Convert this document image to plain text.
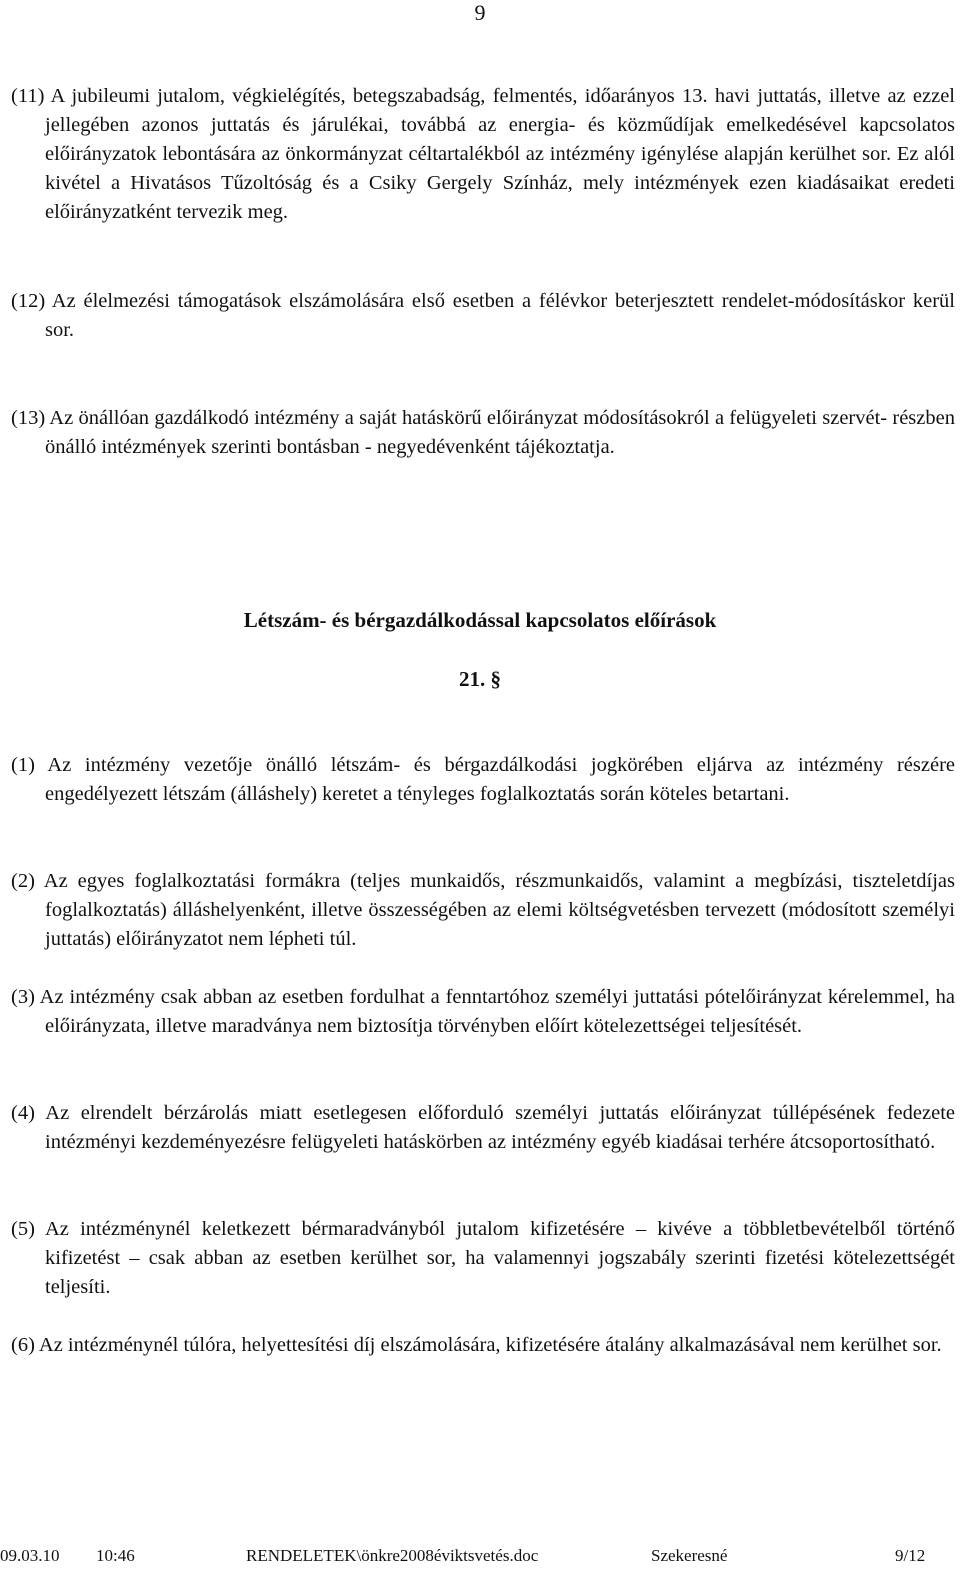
9
(11) A jubileumi jutalom, végkielégítés, betegszabadság, felmentés, időarányos 13. havi juttatás, illetve az ezzel jellegében azonos juttatás és járulékai, továbbá az energia- és közműdíjak emelkedésével kapcsolatos előirányzatok lebontására az önkormányzat céltartalékból az intézmény igénylése alapján kerülhet sor. Ez alól kivétel a Hivatásos Tűzoltóság és a Csiky Gergely Színház, mely intézmények ezen kiadásaikat eredeti előirányzatként tervezik meg.
(12) Az élelmezési támogatások elszámolására első esetben a félévkor beterjesztett rendelet-módosításkor kerül sor.
(13) Az önállóan gazdálkodó intézmény a saját hatáskörű előirányzat módosításokról a felügyeleti szervét- részben önálló intézmények szerinti bontásban - negyedévenként tájékoztatja.
Létszám- és bérgazdálkodással kapcsolatos előírások
21. §
(1) Az intézmény vezetője önálló létszám- és bérgazdálkodási jogkörében eljárva az intézmény részére engedélyezett létszám (álláshely) keretet a tényleges foglalkoztatás során köteles betartani.
(2) Az egyes foglalkoztatási formákra (teljes munkaidős, részmunkaidős, valamint a megbízási, tiszteletdíjas foglalkoztatás) álláshelyenként, illetve összességében az elemi költségvetésben tervezett (módosított személyi juttatás) előirányzatot nem lépheti túl.
(3) Az intézmény csak abban az esetben fordulhat a fenntartóhoz személyi juttatási pótelőirányzat kérelemmel, ha előirányzata, illetve maradványa nem biztosítja törvényben előírt kötelezettségei teljesítését.
(4) Az elrendelt bérzárolás miatt esetlegesen előforduló személyi juttatás előirányzat túllépésének fedezete intézményi kezdeményezésre felügyeleti hatáskörben az intézmény egyéb kiadásai terhére átcsoportosítható.
(5) Az intézménynél keletkezett bérmaradványból jutalom kifizetésére – kivéve a többletbevételből történő kifizetést – csak abban az esetben kerülhet sor, ha valamennyi jogszabály szerinti fizetési kötelezettségét teljesíti.
(6) Az intézménynél túlóra, helyettesítési díj elszámolására, kifizetésére átalány alkalmazásával nem kerülhet sor.
09.03.10 10:46	RENDELETEK\önkre2008éviktsvetés.doc	Szekeresné	9/12
